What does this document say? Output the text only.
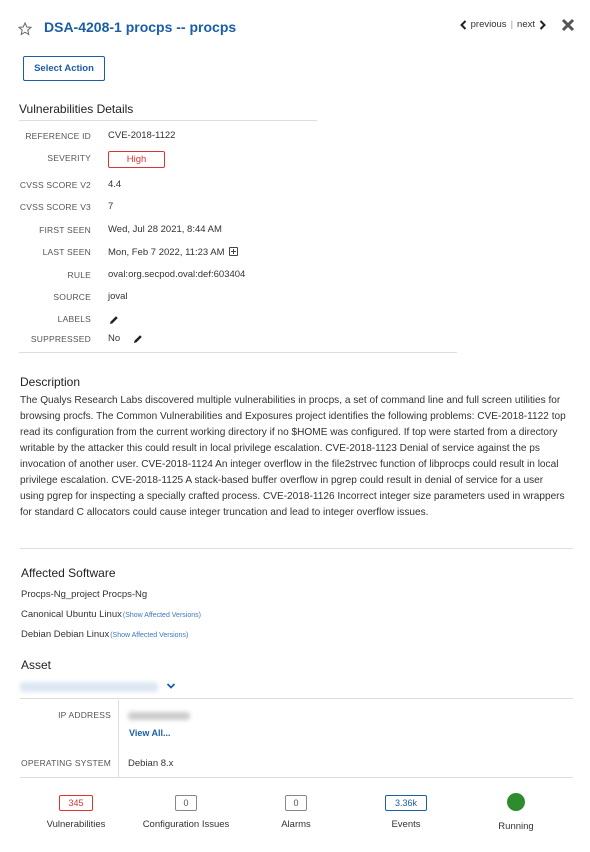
DSA-4208-1 procps -- procps	previous | next
Select Action
Vulnerabilities Details
REFERENCE ID CVE-2018-1122
SEVERITY	High
CVSS SCORE V2 4.4
CVSS SCORE V3 7
FIRST SEEN Wed, Jul 28 2021, 8:44 AM
LAST SEEN Mon, Feb 7 2022, 11:23 AM
RULE oval:org.secpod.oval:def:603404
SOURCE joval
LABELS
SUPPRESSED No
Description
The Qualys Research Labs discovered multiple vulnerabilities in procps, a set of command line and full screen utilities for browsing procfs. The Common Vulnerabilities and Exposures project identifies the following problems: CVE-2018-1122 top read its configuration from the current working directory if no $HOME was configured. If top were started from a directory writable by the attacker this could result in local privilege escalation. CVE-2018-1123 Denial of service against the ps invocation of another user. CVE-2018-1124 An integer overflow in the file2strvec function of libprocps could result in local privilege escalation. CVE-2018-1125 A stack-based buffer overflow in pgrep could result in denial of service for a user using pgrep for inspecting a specially crafted process. CVE-2018-1126 Incorrect integer size parameters used in wrappers for standard C allocators could cause integer truncation and lead to integer overflow issues.
Affected Software
Procps-Ng_project Procps-Ng
Canonical Ubuntu Linux(Show Affected Versions)
Debian Debian Linux(Show Affected Versions)
Asset
IP ADDRESS
View All...
OPERATING SYSTEM Debian 8.x
345
Vulnerabilities
0
Configuration Issues
0
Alarms
3.36k
Events	Running
